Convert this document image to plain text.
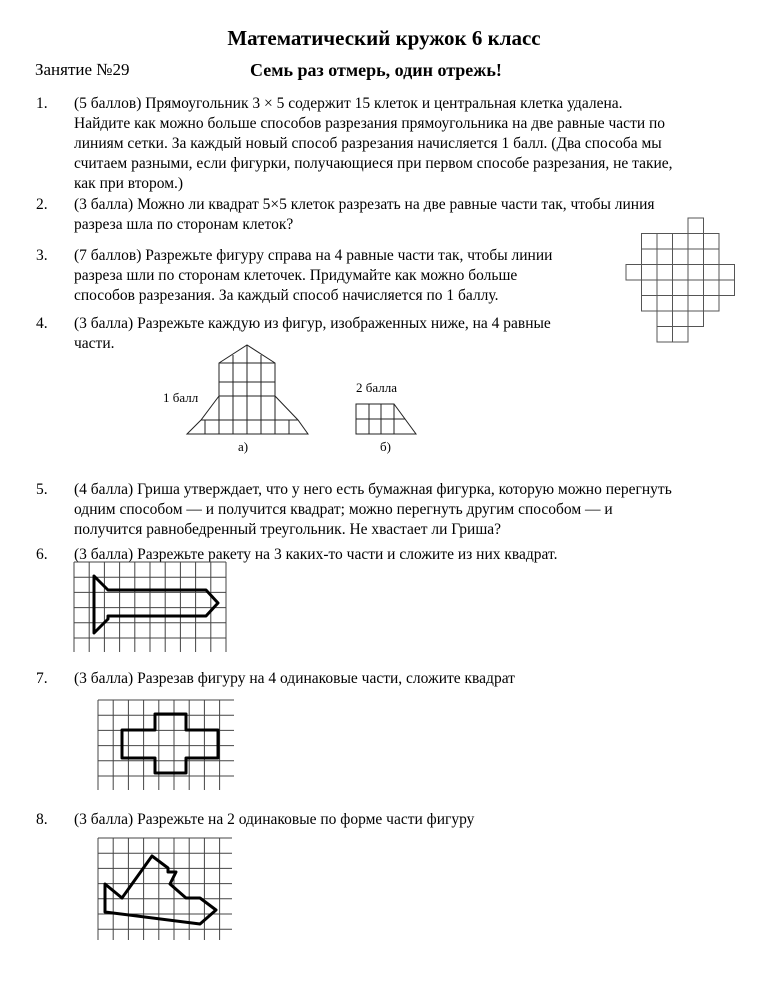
Математический кружок 6 класс
Занятие №29	Семь раз отмерь, один отрежь!
1. (5 баллов) Прямоугольник 3 × 5 содержит 15 клеток и центральная клетка удалена.
Найдите как можно больше способов разрезания прямоугольника на две равные части по
линиям сетки. За каждый новый способ разрезания начисляется 1 балл. (Два способа мы
считаем разными, если фигурки, получающиеся при первом способе разрезания, не такие,
как при втором.)
2. (3 балла) Можно ли квадрат 5×5 клеток разрезать на две равные части так, чтобы линия
разреза шла по сторонам клеток?
3. (7 баллов) Разрежьте фигуру справа на 4 равные части так, чтобы линии
разреза шли по сторонам клеточек. Придумайте как можно больше
способов разрезания. За каждый способ начисляется по 1 баллу.
4. (3 балла) Разрежьте каждую из фигур, изображенных ниже, на 4 равные
части.
1 балл
а)
2 балла
б)
5. (4 балла) Гриша утверждает, что у него есть бумажная фигурка, которую можно перегнуть
одним способом — и получится квадрат; можно перегнуть другим способом — и
получится равнобедренный треугольник. Не хвастает ли Гриша?
6. (3 балла) Разрежьте ракету на 3 каких-то части и сложите из них квадрат.
7. (3 балла) Разрезав фигуру на 4 одинаковые части, сложите квадрат
8. (3 балла) Разрежьте на 2 одинаковые по форме части фигуру
